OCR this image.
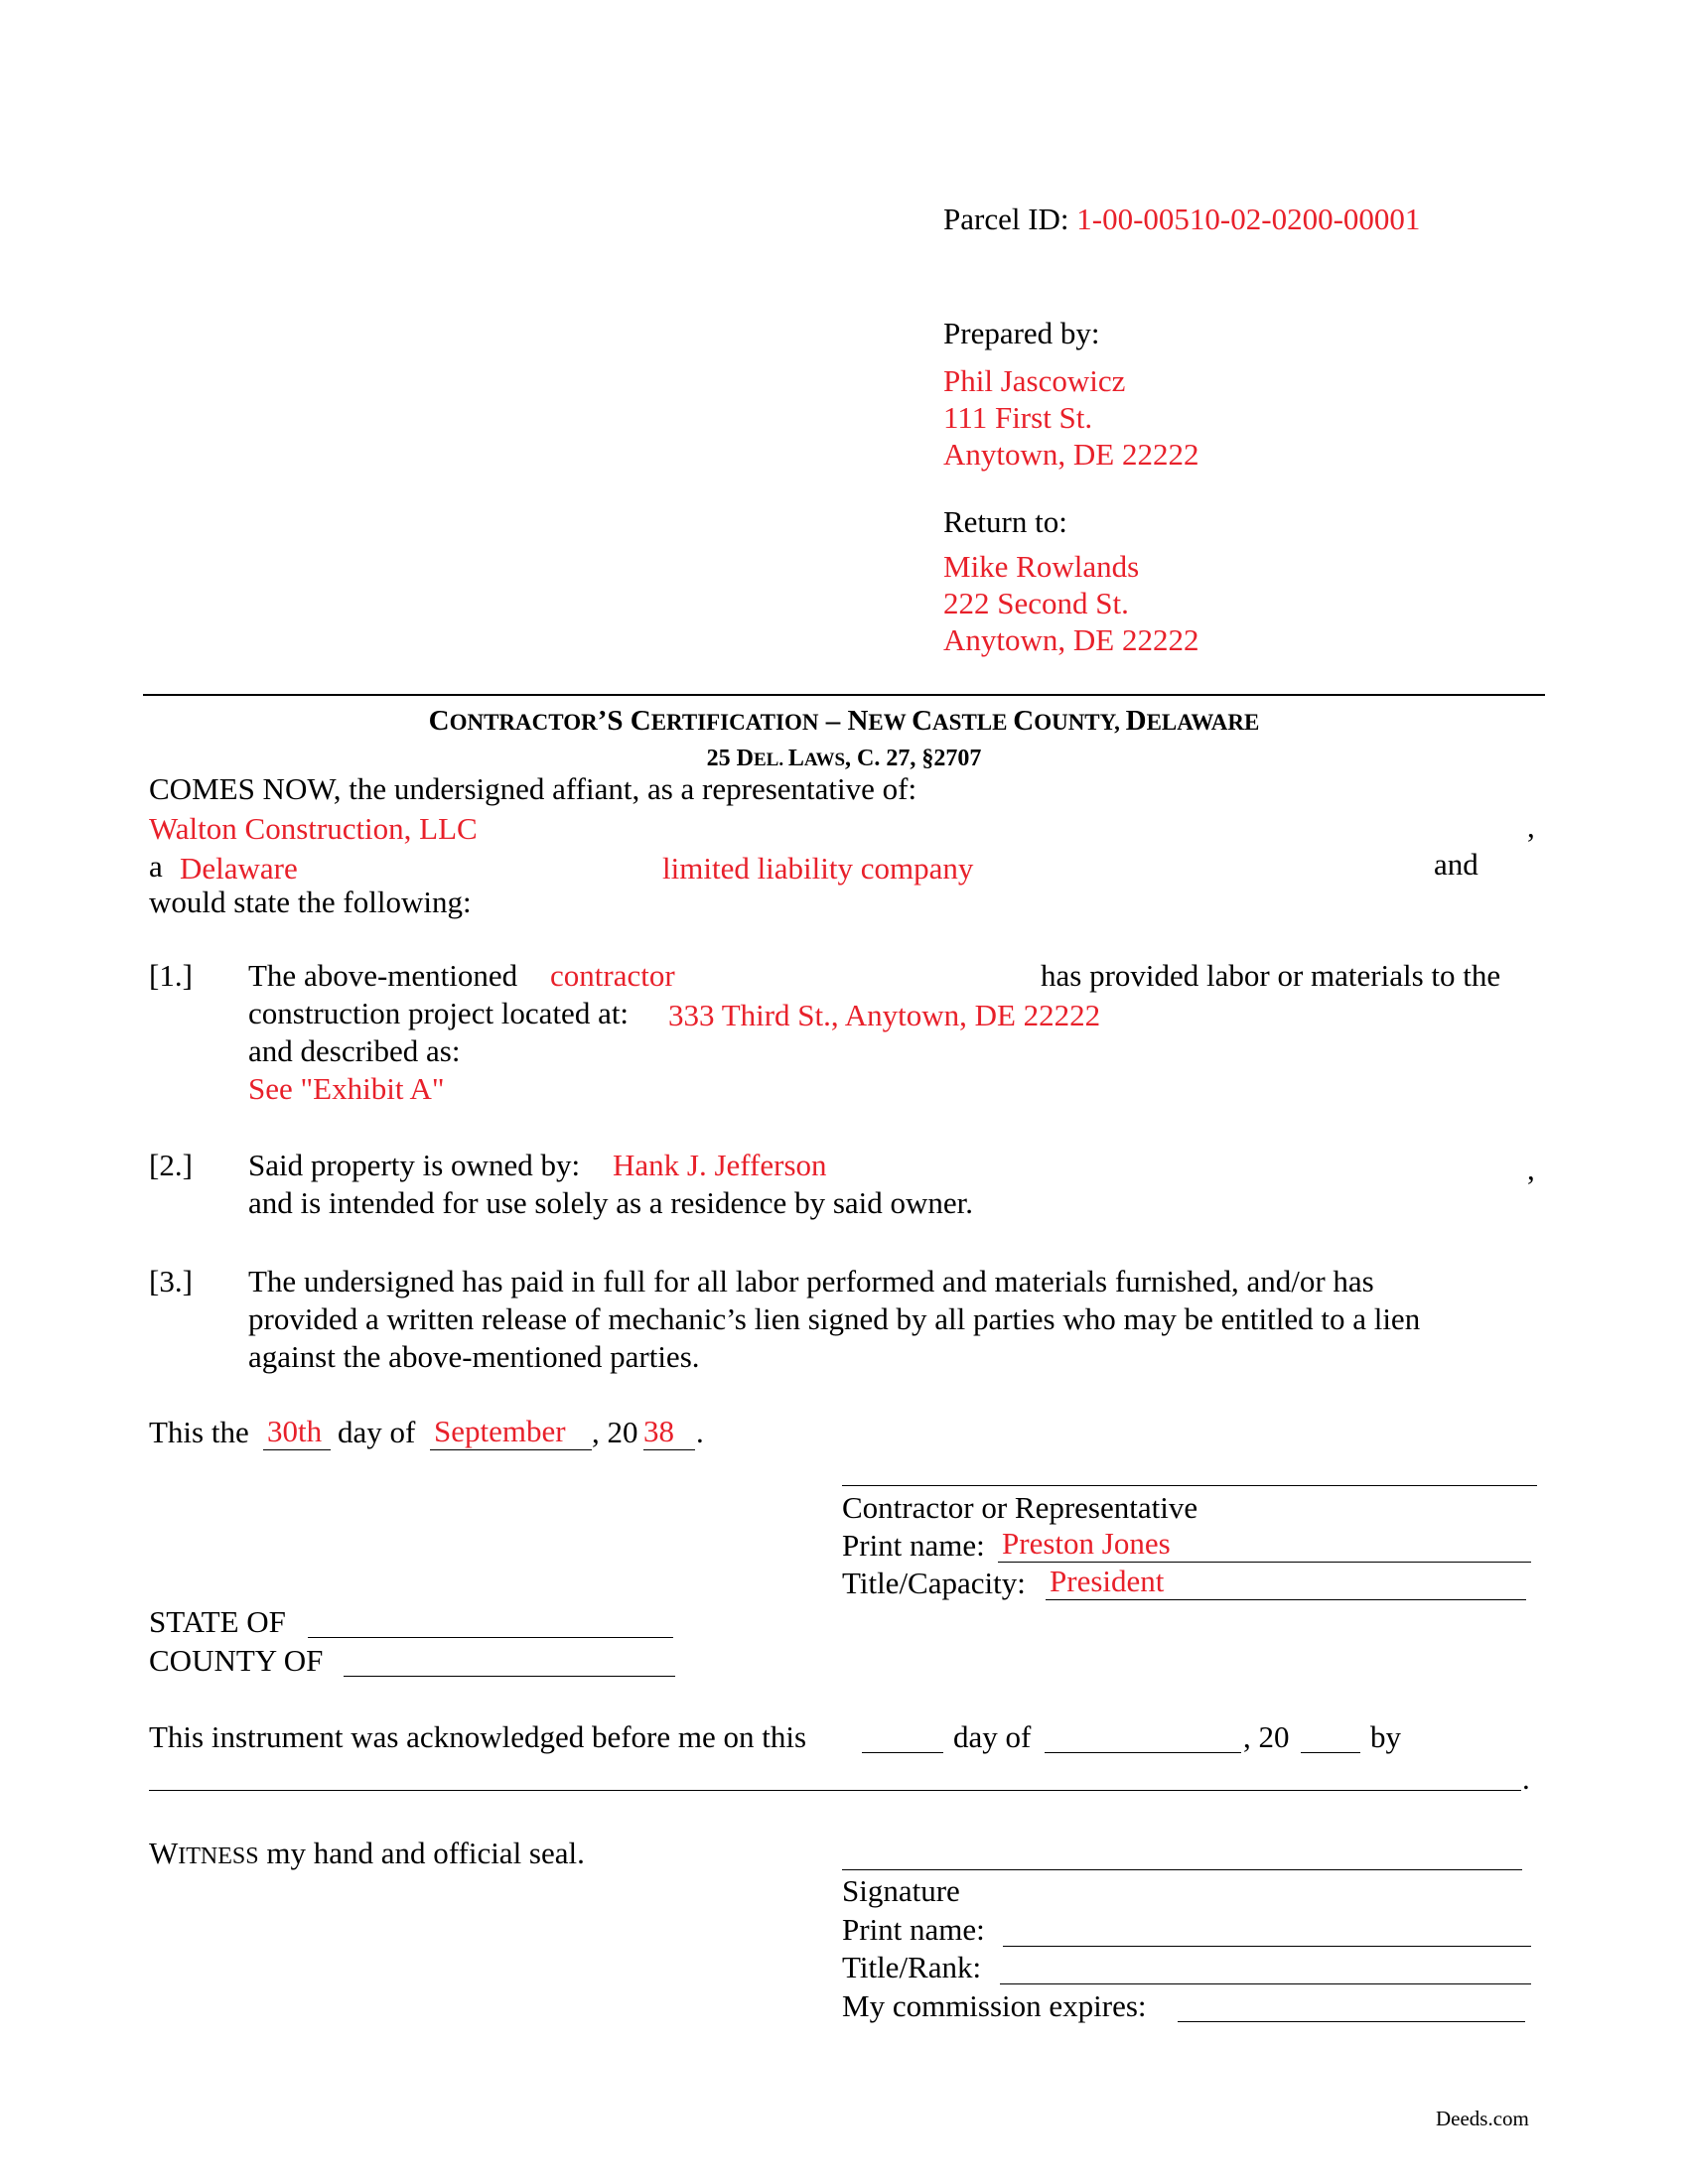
Parcel ID: 1-00-00510-02-0200-00001
Prepared by:
Phil Jascowicz
111 First St.
Anytown, DE 22222
Return to:
Mike Rowlands
222 Second St.
Anytown, DE 22222
CONTRACTOR’S CERTIFICATION – NEW CASTLE COUNTY, DELAWARE
25 DEL. LAWS, C. 27, §2707
COMES NOW, the undersigned affiant, as a representative of:
Walton Construction, LLC	,
a Delaware	limited liability company	and
would state the following:
[1.] The above-mentioned contractor	has provided labor or materials to the
construction project located at: 333 Third St., Anytown, DE 22222
and described as:
See "Exhibit A"
[2.] Said property is owned by: Hank J. Jefferson	,
and is intended for use solely as a residence by said owner.
[3.] The undersigned has paid in full for all labor performed and materials furnished, and/or has
provided a written release of mechanic’s lien signed by all parties who may be entitled to a lien
against the above-mentioned parties.
This the 30th day of September , 20 38 .
Contractor or Representative
Print name: Preston Jones
Title/Capacity: President
STATE OF
COUNTY OF
This instrument was acknowledged before me on this	day of	, 20	by
.
WITNESS my hand and official seal.
Signature
Print name:
Title/Rank:
My commission expires:
Deeds.com
